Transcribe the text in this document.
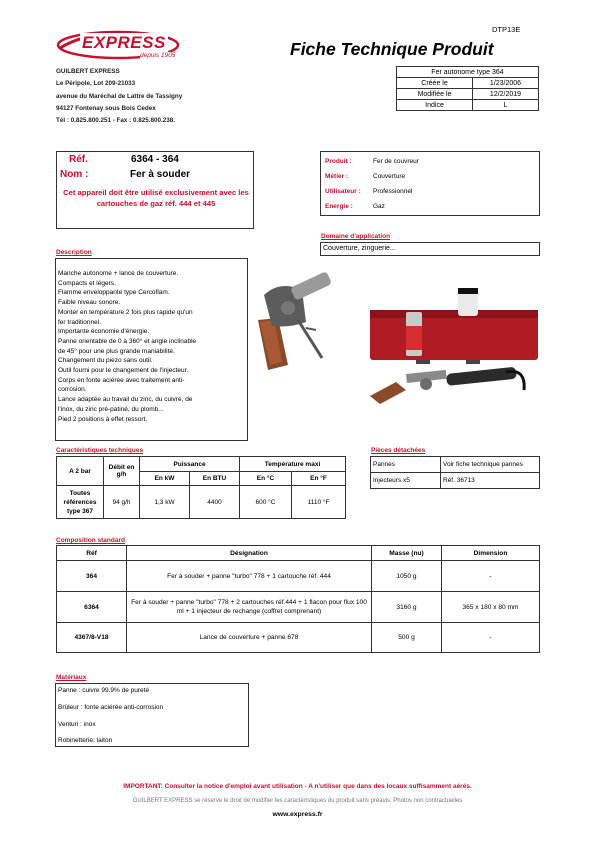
DTP13E
EXPRESS
depuis 1905	Fiche Technique Produit
GUILBERT EXPRESS
Le Péripole, Lot 209-21033
avenue du Maréchal de Lattre de Tassigny
94127 Fontenay sous Bois Cedex
Tél : 0.825.800.251 - Fax : 0.825.800.238.
Fer autonome type 364	
Créée le	1/23/2006
Modifiée le	12/2/2019
Indice	L
Réf.	6364 - 364
Nom :	Fer à souder
Cet appareil doit être utilisé exclusivement avec les cartouches de gaz réf. 444 et 445
Produit :	Fer de couvreur
Métier :	Couverture
Utilisateur :	Professionnel
Energie :	Gaz
Domaine d'application
Couverture, zinguerie...
Description
Manche autonome + lance de couverture.
Compacts et légers.
Flamme enveloppante type Cercoflam.
Faible niveau sonore.
Monter en température 2 fois plus rapide qu'un
fer traditionnel.
Importante économie d'énergie.
Panne orientable de 0 à 360° et angle inclinable
de 45° pour une plus grande maniabilité.
Changement du piezo sans outil.
Outil fourni pour le changement de l'injecteur.
Corps en fonte aciérée avec traitement anti-
corrosion.
Lance adaptée au travail du zinc, du cuivre, de
l'inox, du zinc pré-patiné, du plomb...
Pied 2 positions à effet ressort.
Caractéristiques techniques
A 2 bar	Débit en g/h	Puissance		Température maxi	
		En kW	En BTU	En °C	En °F
Toutes références type 367	94 g/h	1,3 kW	4400	600 °C	1110 °F
Pièces détachées
Pannes	Voir fiche technique pannes
Injecteurs x5	Réf. 36713
Composition standard
Réf	Désignation	Masse (nu)	Dimension
364	Fer à souder + panne "turbo" 778 + 1 cartouche réf. 444	1050 g	-
6364	Fer à souder + panne "turbo" 778 + 2 cartouches réf.444 + 1 flacon pour flux 100 ml + 1 injecteur de rechange (coffret comprenant)	3160 g	365 x 180 x 80 mm
4367/8-V18	Lance de couverture + panne 678	500 g	-
Matériaux
Panne : cuivre 99.9% de pureté
Brûleur : fonte aciérée anti-corrosion
Venturi : inox
Robinetterie: laiton
IMPORTANT: Consulter la notice d'emploi avant utilisation - A n'utiliser que dans des locaux suffisamment aérés.
GUILBERT EXPRESS se réserve le droit de modifier les caractéristiques du produit sans préavis. Photos non contractuelles
www.express.fr
